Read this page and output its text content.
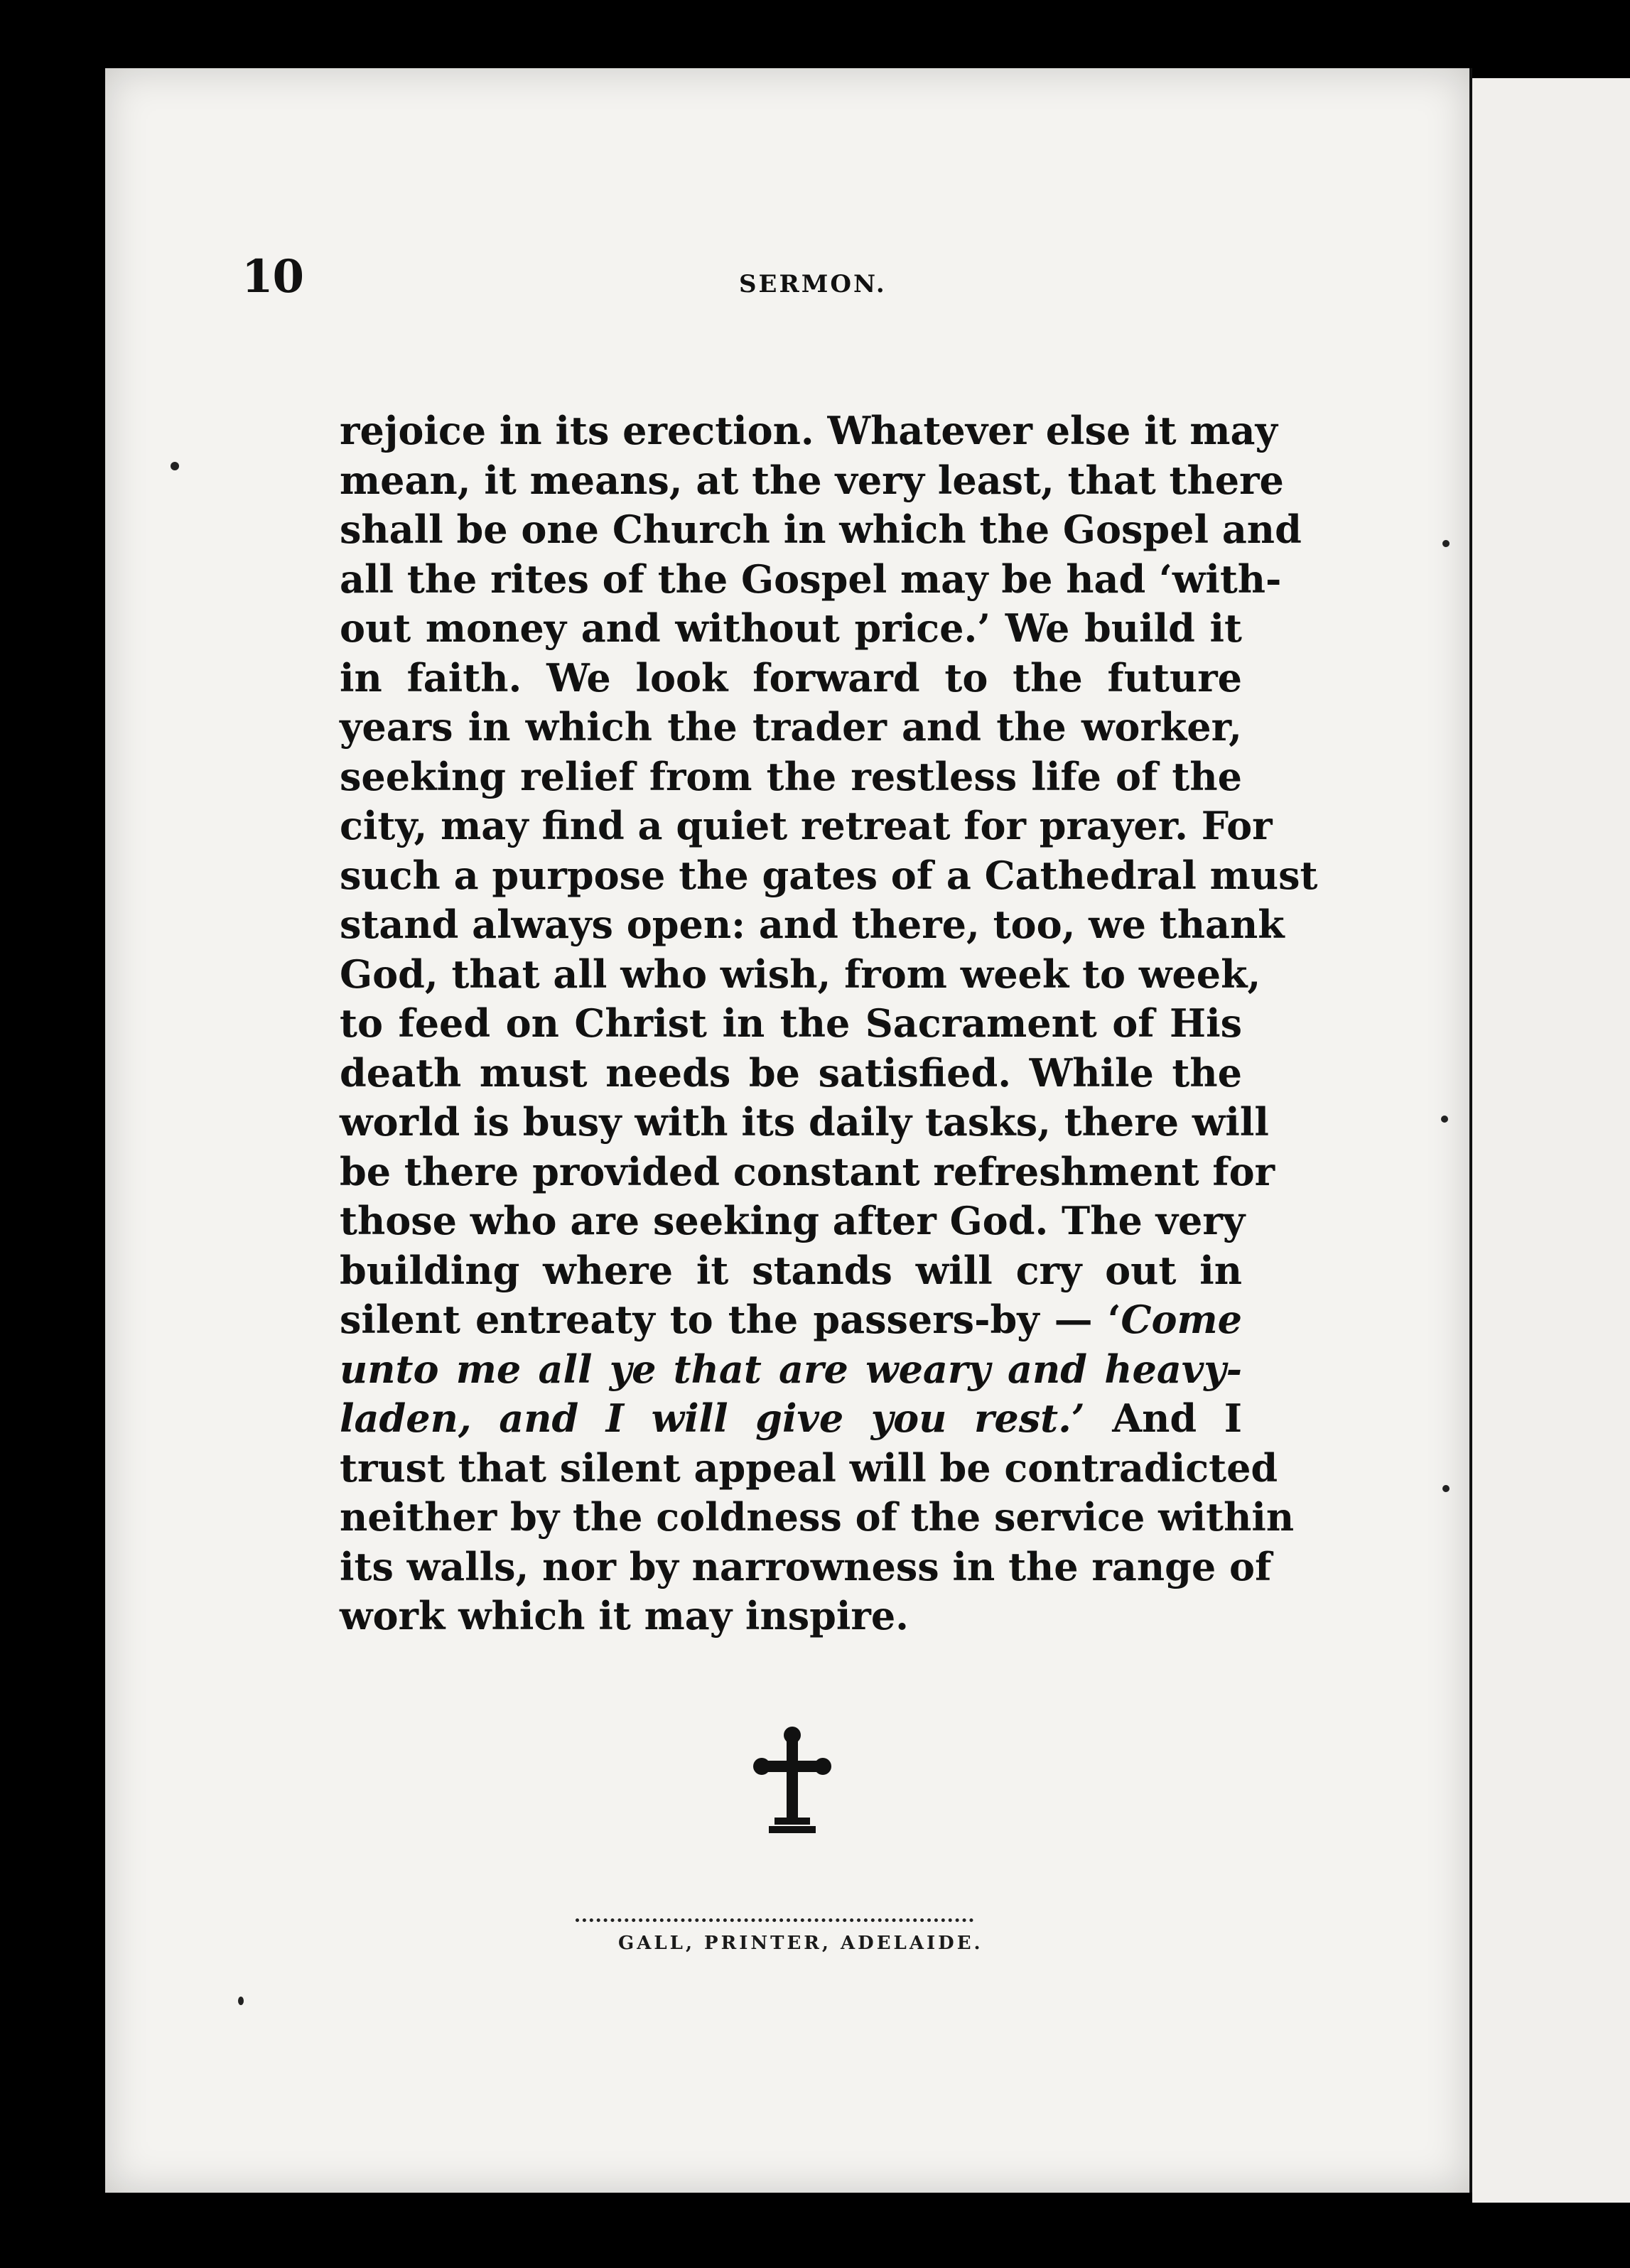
10	SERMON.
rejoice in its erection. Whatever else it may
mean, it means, at the very least, that there
shall be one Church in which the Gospel and
all the rites of the Gospel may be had ‘with-
out money and without price.’ We build it
in faith. We look forward to the future
years in which the trader and the worker,
seeking relief from the restless life of the
city, may find a quiet retreat for prayer. For
such a purpose the gates of a Cathedral must
stand always open: and there, too, we thank
God, that all who wish, from week to week,
to feed on Christ in the Sacrament of His
death must needs be satisfied. While the
world is busy with its daily tasks, there will
be there provided constant refreshment for
those who are seeking after God. The very
building where it stands will cry out in
silent entreaty to the passers-by — ‘Come
unto me all ye that are weary and heavy-
laden, and I will give you rest.’ And I
trust that silent appeal will be contradicted
neither by the coldness of the service within
its walls, nor by narrowness in the range of
work which it may inspire.
GALL, PRINTER, ADELAIDE.
